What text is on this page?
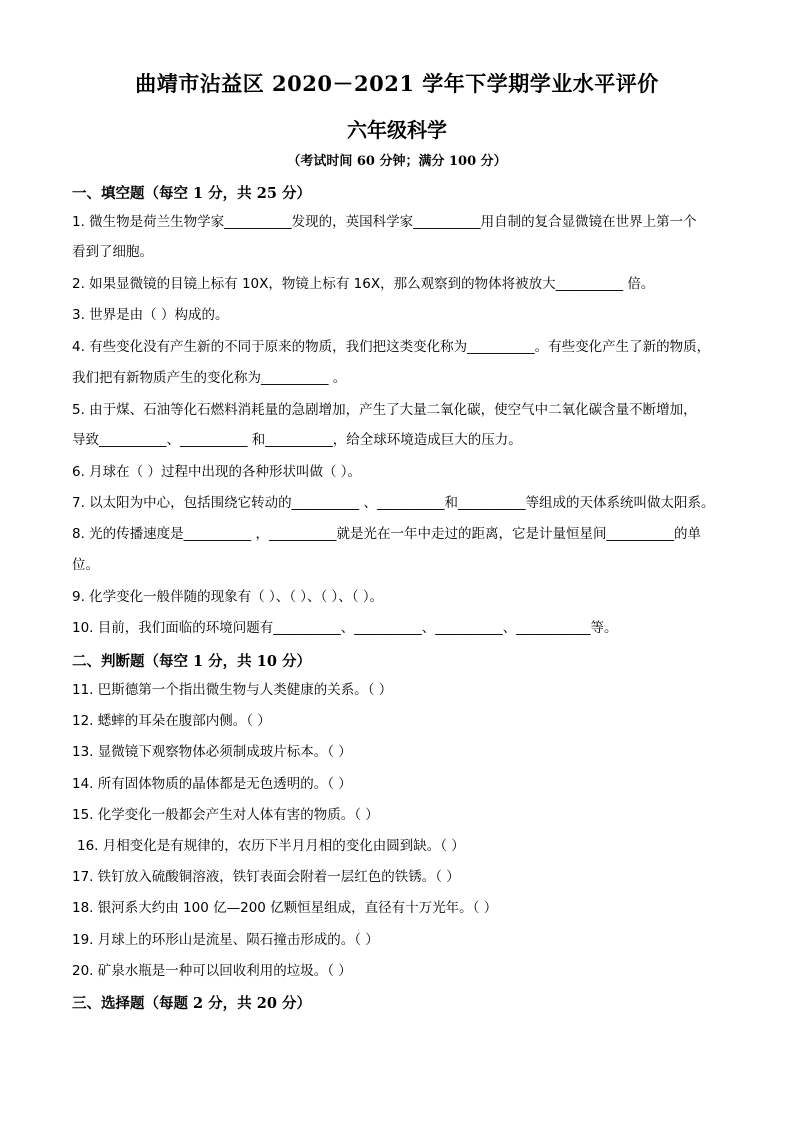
曲靖市沾益区 2020－2021 学年下学期学业水平评价
六年级科学
（考试时间 60 分钟；满分 100 分）
一、填空题（每空 1 分，共 25 分）
1. 微生物是荷兰生物学家__________发现的，英国科学家__________用自制的复合显微镜在世界上第一个
看到了细胞。
2. 如果显微镜的目镜上标有 10X，物镜上标有 16X，那么观察到的物体将被放大__________ 倍。
3. 世界是由（ ）构成的。
4. 有些变化没有产生新的不同于原来的物质，我们把这类变化称为__________。有些变化产生了新的物质，
我们把有新物质产生的变化称为__________ 。
5. 由于煤、石油等化石燃料消耗量的急剧增加，产生了大量二氧化碳，使空气中二氧化碳含量不断增加，
导致__________、__________ 和__________，给全球环境造成巨大的压力。
6. 月球在（ ）过程中出现的各种形状叫做（ ）。
7. 以太阳为中心，包括围绕它转动的__________ 、__________和__________等组成的天体系统叫做太阳系。
8. 光的传播速度是__________ ，__________就是光在一年中走过的距离，它是计量恒星间__________的单
位。
9. 化学变化一般伴随的现象有（ ）、（ ）、（ ）、（ ）。
10. 目前，我们面临的环境问题有__________、__________、__________、___________等。
二、判断题（每空 1 分，共 10 分）
11. 巴斯德第一个指出微生物与人类健康的关系。（ ）
12. 蟋蟀的耳朵在腹部内侧。（ ）
13. 显微镜下观察物体必须制成玻片标本。（ ）
14. 所有固体物质的晶体都是无色透明的。（ ）
15. 化学变化一般都会产生对人体有害的物质。（ ）
16. 月相变化是有规律的，农历下半月月相的变化由圆到缺。（ ）
17. 铁钉放入硫酸铜溶液，铁钉表面会附着一层红色的铁锈。（ ）
18. 银河系大约由 100 亿—200 亿颗恒星组成，直径有十万光年。（ ）
19. 月球上的环形山是流星、陨石撞击形成的。（ ）
20. 矿泉水瓶是一种可以回收利用的垃圾。（ ）
三、选择题（每题 2 分，共 20 分）
